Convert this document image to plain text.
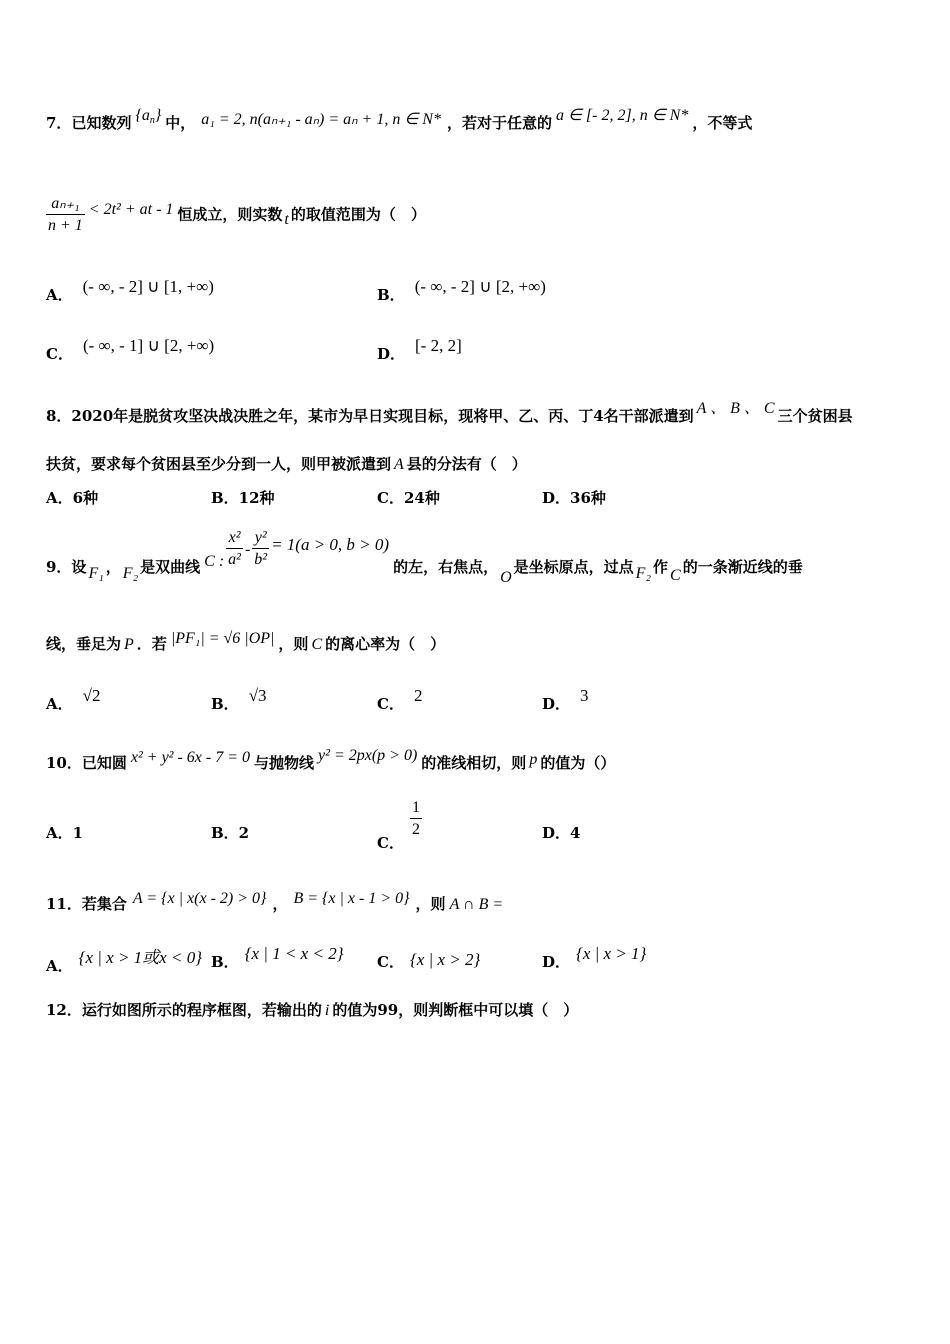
7．已知数列 $\{a_n\}$ 中， a₁ = 2, n(aₙ₊₁ - aₙ) = aₙ + 1, n ∈ N* ，若对于任意的 a ∈ [- 2, 2], n ∈ N* ，不等式
$\frac{\text{aₙ₊₁}}{n + 1} < 2t^2$ + at - 1 恒成立，则实数 t 的取值范围为（　）
A． (- ∞, - 2] ∪ [1, +∞)	B． (- ∞, - 2] ∪ [2, +∞)
C． (- ∞, - 1] ∪ [2, +∞)	D． [- 2, 2]
8．2020年是脱贫攻坚决战决胜之年，某市为早日实现目标，现将甲、乙、丙、丁4名干部派遣到 A 、 B 、 C 三个贫困县
扶贫，要求每个贫困县至少分到一人，则甲被派遣到 A 县的分法有（　）
A．6种	B．12种	C．24种	D．36种
9．设 F₁ ， F₂ 是双曲线 C : $\frac{\text{x²}}{\text{a²}} - \frac{\text{y²}}{\text{b²}} = 1(a > 0$, b > 0)的左，右焦点，O是坐标原点，过点 F₂ 作 C 的一条渐近线的垂
线，垂足为 P ．若 |PF₁| = √6 |OP| ，则 C 的离心率为（　）
A． √2	B． √3	C． 2	D． 3
10．已知圆 x² + y² - 6x - 7 = 0 与抛物线 y² = 2px(p > 0) 的准线相切，则 p 的值为（）
A．1	B．2
C．
$\frac{1}{2}$	D．4
11．若集合 A = {x | x(x - 2) > 0} ， B = {x | x - 1 > 0} ，则 A ∩ B =
A． {x | x > 1或x < 0} B． {x | 1 < x < 2} C． {x | x > 2}	D． {x | x > 1}
12．运行如图所示的程序框图，若输出的 i 的值为99，则判断框中可以填（　）
